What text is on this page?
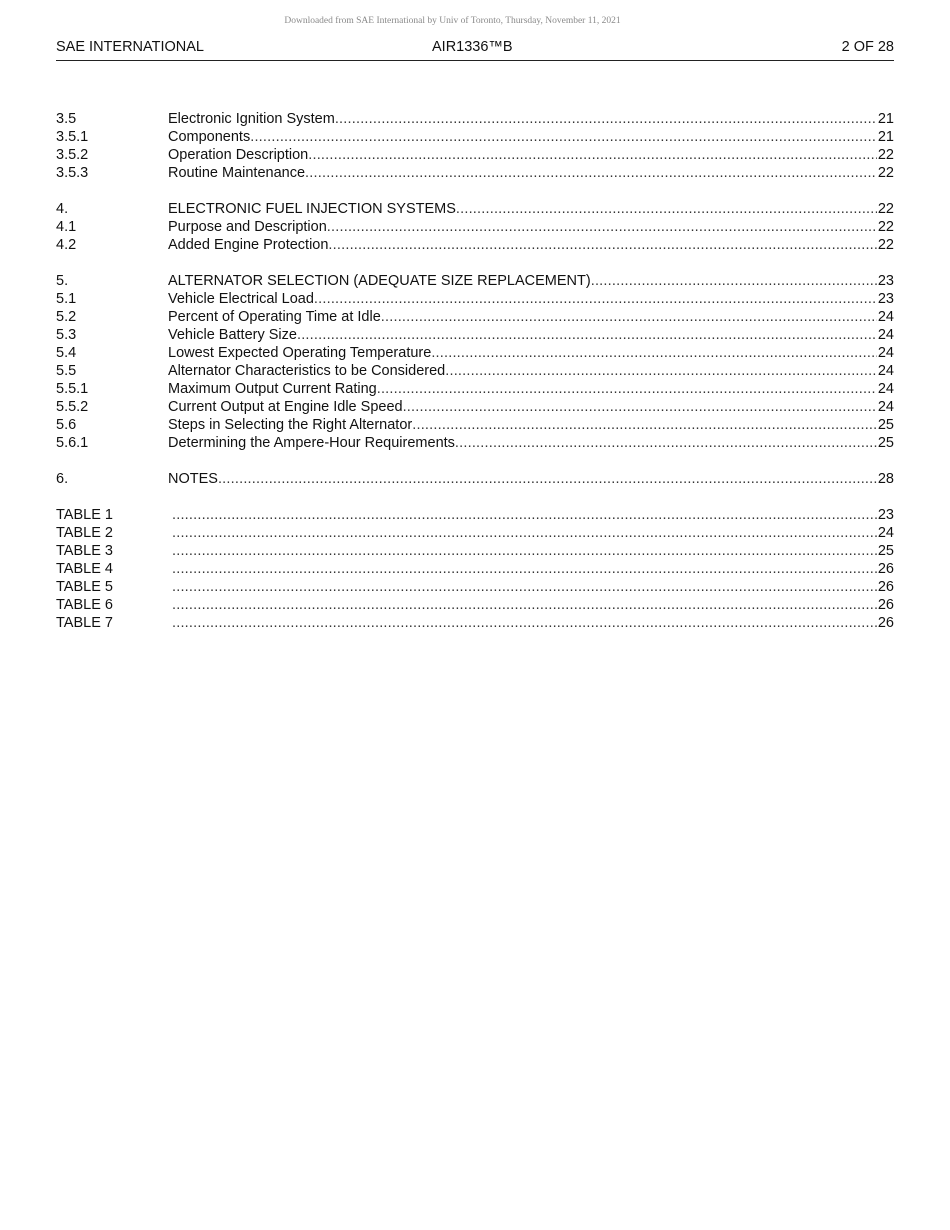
Downloaded from SAE International by Univ of Toronto, Thursday, November 11, 2021
SAE INTERNATIONAL	AIR1336™B	2 OF 28
3.5	Electronic Ignition System .....	21
3.5.1	Components .....	21
3.5.2	Operation Description .....	22
3.5.3	Routine Maintenance .....	22
4.	ELECTRONIC FUEL INJECTION SYSTEMS .....	22
4.1	Purpose and Description .....	22
4.2	Added Engine Protection .....	22
5.	ALTERNATOR SELECTION (ADEQUATE SIZE REPLACEMENT) .....	23
5.1	Vehicle Electrical Load .....	23
5.2	Percent of Operating Time at Idle .....	24
5.3	Vehicle Battery Size .....	24
5.4	Lowest Expected Operating Temperature .....	24
5.5	Alternator Characteristics to be Considered .....	24
5.5.1	Maximum Output Current Rating .....	24
5.5.2	Current Output at Engine Idle Speed .....	24
5.6	Steps in Selecting the Right Alternator .....	25
5.6.1	Determining the Ampere-Hour Requirements .....	25
6.	NOTES .....	28
TABLE 1 .....	23
TABLE 2 .....	24
TABLE 3 .....	25
TABLE 4 .....	26
TABLE 5 .....	26
TABLE 6 .....	26
TABLE 7 .....	26
